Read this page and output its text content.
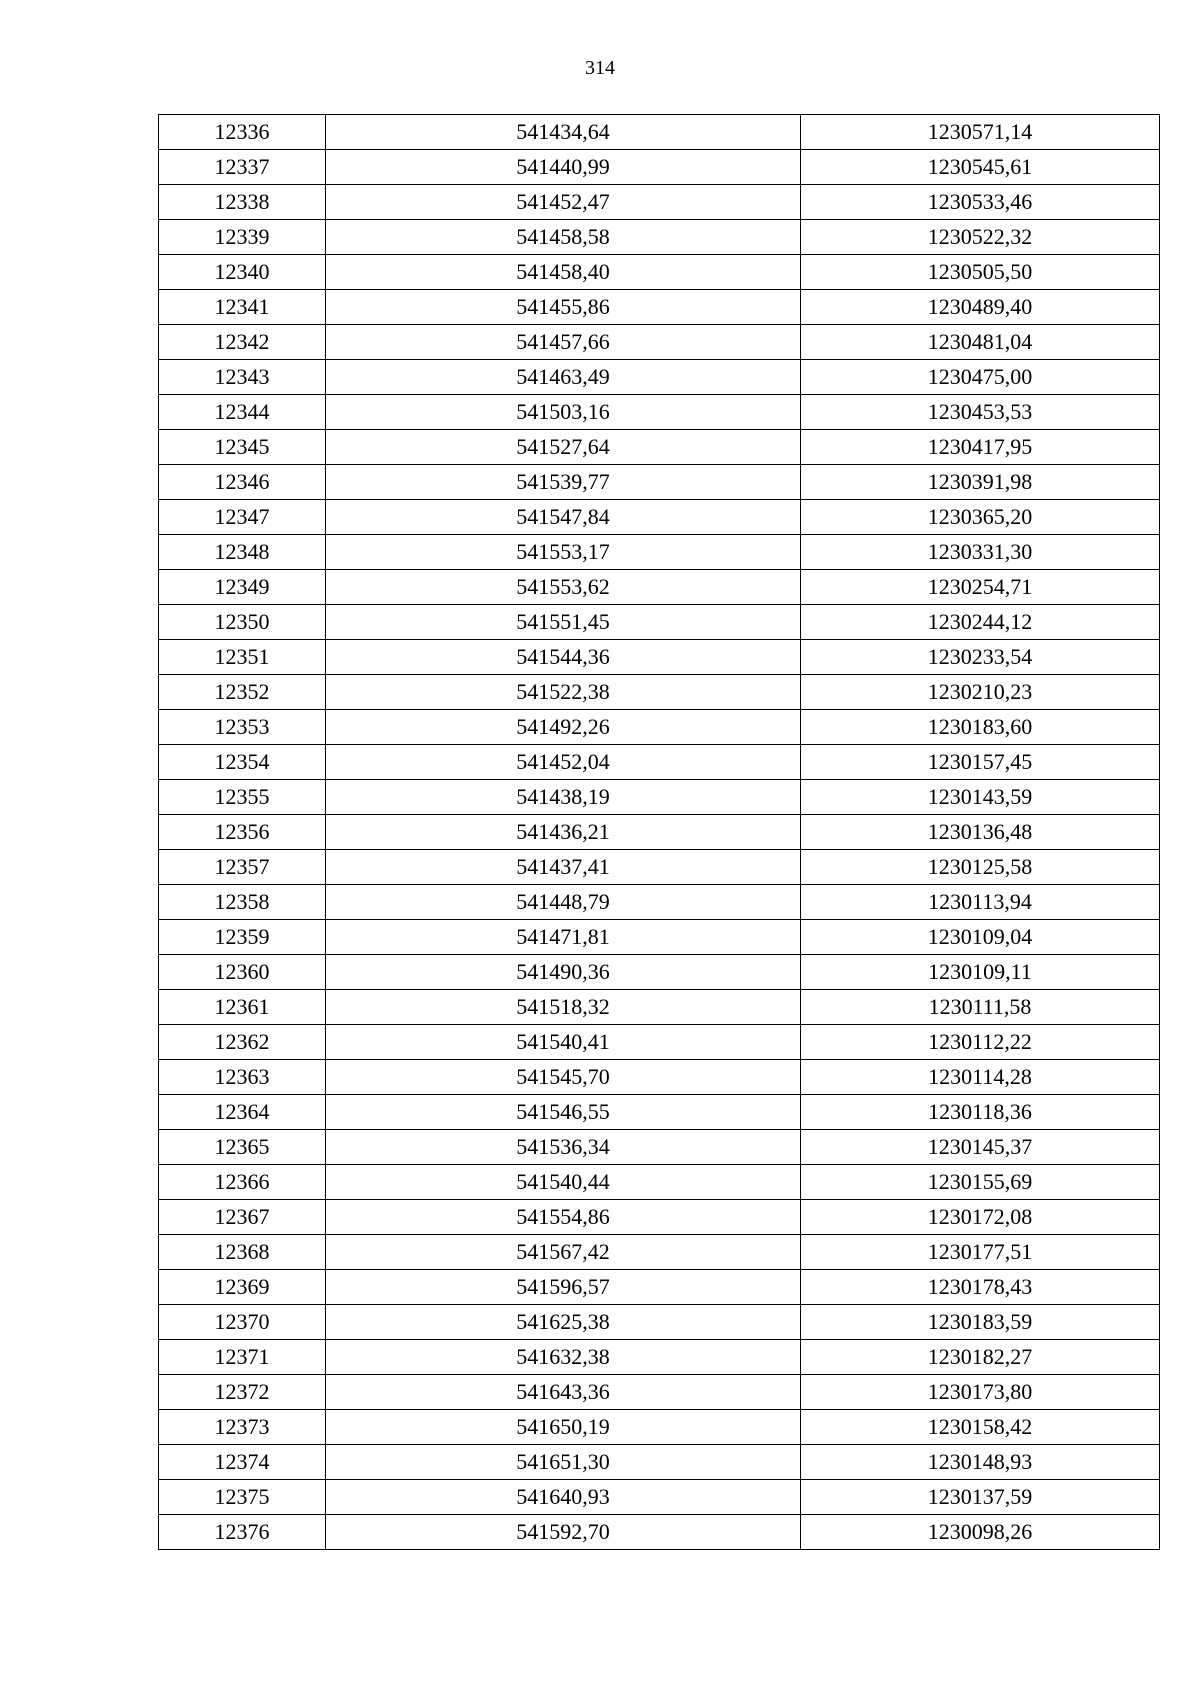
314
12336	541434,64	1230571,14
12337	541440,99	1230545,61
12338	541452,47	1230533,46
12339	541458,58	1230522,32
12340	541458,40	1230505,50
12341	541455,86	1230489,40
12342	541457,66	1230481,04
12343	541463,49	1230475,00
12344	541503,16	1230453,53
12345	541527,64	1230417,95
12346	541539,77	1230391,98
12347	541547,84	1230365,20
12348	541553,17	1230331,30
12349	541553,62	1230254,71
12350	541551,45	1230244,12
12351	541544,36	1230233,54
12352	541522,38	1230210,23
12353	541492,26	1230183,60
12354	541452,04	1230157,45
12355	541438,19	1230143,59
12356	541436,21	1230136,48
12357	541437,41	1230125,58
12358	541448,79	1230113,94
12359	541471,81	1230109,04
12360	541490,36	1230109,11
12361	541518,32	1230111,58
12362	541540,41	1230112,22
12363	541545,70	1230114,28
12364	541546,55	1230118,36
12365	541536,34	1230145,37
12366	541540,44	1230155,69
12367	541554,86	1230172,08
12368	541567,42	1230177,51
12369	541596,57	1230178,43
12370	541625,38	1230183,59
12371	541632,38	1230182,27
12372	541643,36	1230173,80
12373	541650,19	1230158,42
12374	541651,30	1230148,93
12375	541640,93	1230137,59
12376	541592,70	1230098,26
